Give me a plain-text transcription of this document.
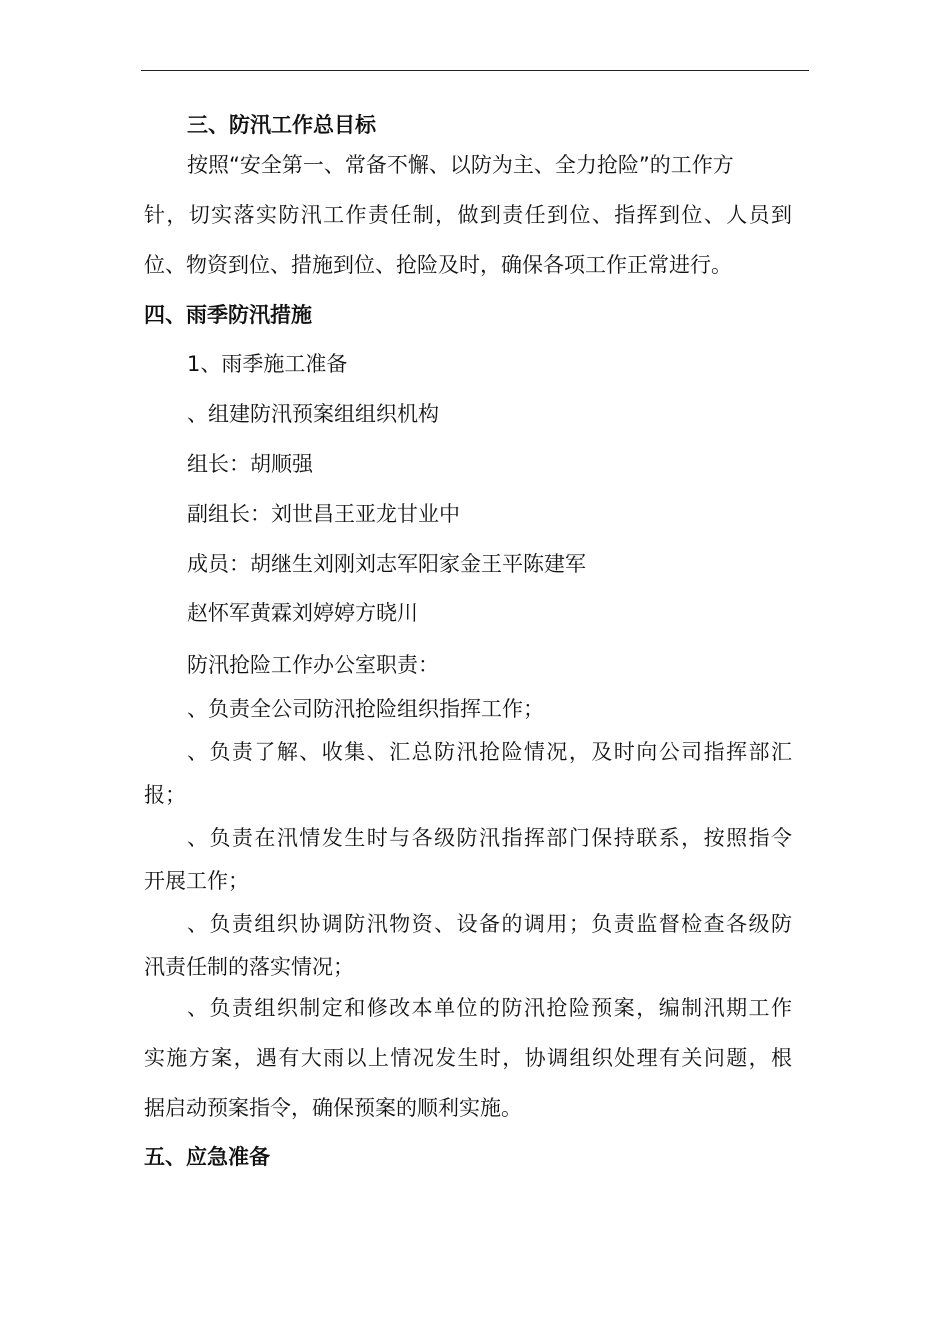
三、防汛工作总目标
按照“安全第一、常备不懈、以防为主、全力抢险”的工作方
针，切实落实防汛工作责任制，做到责任到位、指挥到位、人员到
位、物资到位、措施到位、抢险及时，确保各项工作正常进行。
四、雨季防汛措施
1、雨季施工准备
、组建防汛预案组组织机构
组长：胡顺强
副组长：刘世昌王亚龙甘业中
成员：胡继生刘刚刘志军阳家金王平陈建军
赵怀军黄霖刘婷婷方晓川
防汛抢险工作办公室职责：
、负责全公司防汛抢险组织指挥工作；
、负责了解、收集、汇总防汛抢险情况，及时向公司指挥部汇
报；
、负责在汛情发生时与各级防汛指挥部门保持联系，按照指令
开展工作；
、负责组织协调防汛物资、设备的调用；负责监督检查各级防
汛责任制的落实情况；
、负责组织制定和修改本单位的防汛抢险预案，编制汛期工作
实施方案，遇有大雨以上情况发生时，协调组织处理有关问题，根
据启动预案指令，确保预案的顺利实施。
五、应急准备
